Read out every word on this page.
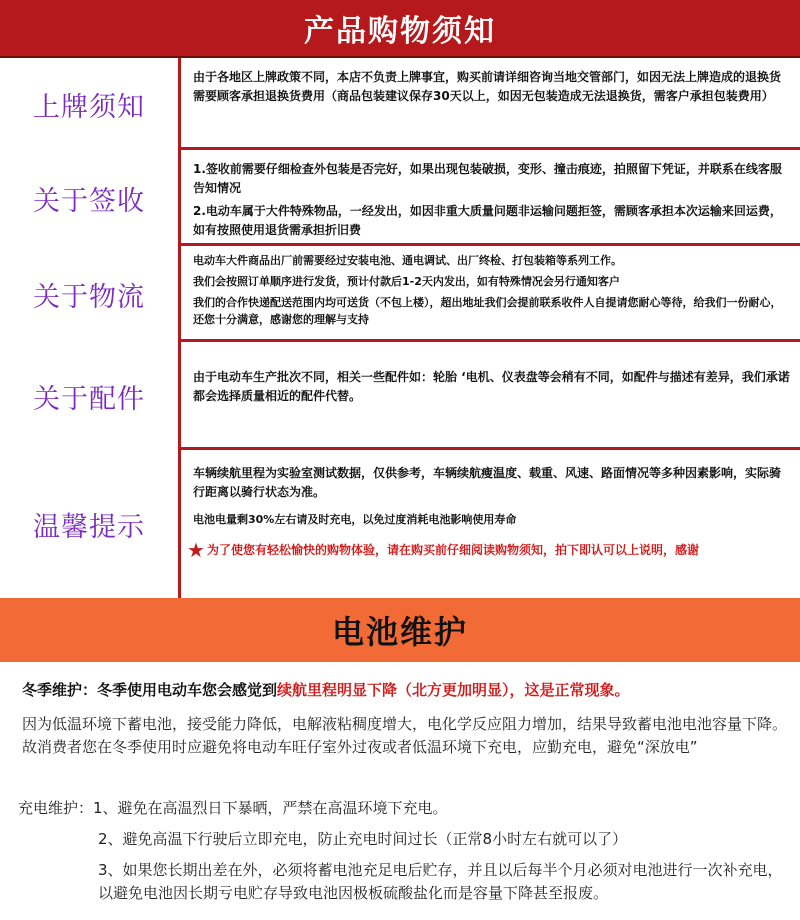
产品购物须知
上牌须知

由于各地区上牌政策不同，本店不负责上牌事宜，购买前请详细咨询当地交管部门，如因无法上牌造成的退换货需要顾客承担退换货费用（商品包装建议保存30天以上，如因无包装造成无法退换货，需客户承担包装费用）

关于签收

1.签收前需要仔细检查外包装是否完好，如果出现包装破损，变形、撞击痕迹，拍照留下凭证，并联系在线客服告知情况

2.电动车属于大件特殊物品，一经发出，如因非重大质量问题非运输问题拒签，需顾客承担本次运输来回运费，如有按照使用退货需承担折旧费

关于物流

电动车大件商品出厂前需要经过安装电池、通电调试、出厂终检、打包装箱等系列工作。

我们会按照订单顺序进行发货，预计付款后1-2天内发出，如有特殊情况会另行通知客户

我们的合作快递配送范围内均可送货（不包上楼），超出地址我们会提前联系收件人自提请您耐心等待，给我们一份耐心，还您十分满意，感谢您的理解与支持

关于配件

由于电动车生产批次不同，相关一些配件如：轮胎 ‘电机、仪表盘等会稍有不同，如配件与描述有差异，我们承诺都会选择质量相近的配件代替。

温馨提示

车辆续航里程为实验室测试数据，仅供参考，车辆续航瘦温度、载重、风速、路面情况等多种因素影响，实际骑行距离以骑行状态为准。

电池电量剩30%左右请及时充电，以免过度消耗电池影响使用寿命

★ 为了使您有轻松愉快的购物体验，请在购买前仔细阅读购物须知，拍下即认可以上说明，感谢

电池维护
冬季维护：冬季使用电动车您会感觉到续航里程明显下降（北方更加明显），这是正常现象。

因为低温环境下蓄电池，接受能力降低，电解液粘稠度增大，电化学反应阻力增加，结果导致蓄电池电池容量下降。故消费者您在冬季使用时应避免将电动车旺仔室外过夜或者低温环境下充电，应勤充电，避免“深放电”

充电维护：1、避免在高温烈日下暴晒，严禁在高温环境下充电。

2、避免高温下行驶后立即充电，防止充电时间过长（正常8小时左右就可以了）

3、如果您长期出差在外，必须将蓄电池充足电后贮存，并且以后每半个月必须对电池进行一次补充电，以避免电池因长期亏电贮存导致电池因极板硫酸盐化而是容量下降甚至报废。
